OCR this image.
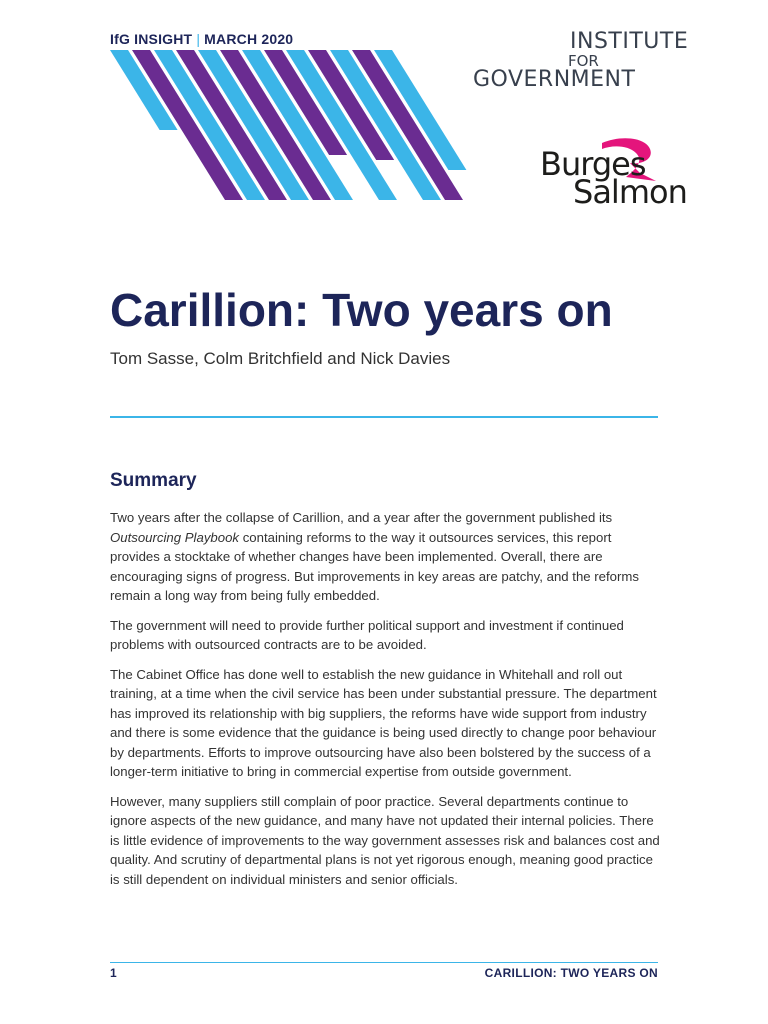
IfG INSIGHT | MARCH 2020	INSTITUTE
FOR
GOVERNMENT
Burges
Salmon
Carillion: Two years on
Tom Sasse, Colm Britchfield and Nick Davies
Summary

Two years after the collapse of Carillion, and a year after the government published its Outsourcing Playbook containing reforms to the way it outsources services, this report provides a stocktake of whether changes have been implemented. Overall, there are encouraging signs of progress. But improvements in key areas are patchy, and the reforms remain a long way from being fully embedded.

The government will need to provide further political support and investment if continued problems with outsourced contracts are to be avoided.

The Cabinet Office has done well to establish the new guidance in Whitehall and roll out training, at a time when the civil service has been under substantial pressure. The department has improved its relationship with big suppliers, the reforms have wide support from industry and there is some evidence that the guidance is being used directly to change poor behaviour by departments. Efforts to improve outsourcing have also been bolstered by the success of a longer-term initiative to bring in commercial expertise from outside government.

However, many suppliers still complain of poor practice. Several departments continue to ignore aspects of the new guidance, and many have not updated their internal policies. There is little evidence of improvements to the way government assesses risk and balances cost and quality. And scrutiny of departmental plans is not yet rigorous enough, meaning good practice is still dependent on individual ministers and senior officials.

1	CARILLION: TWO YEARS ON
